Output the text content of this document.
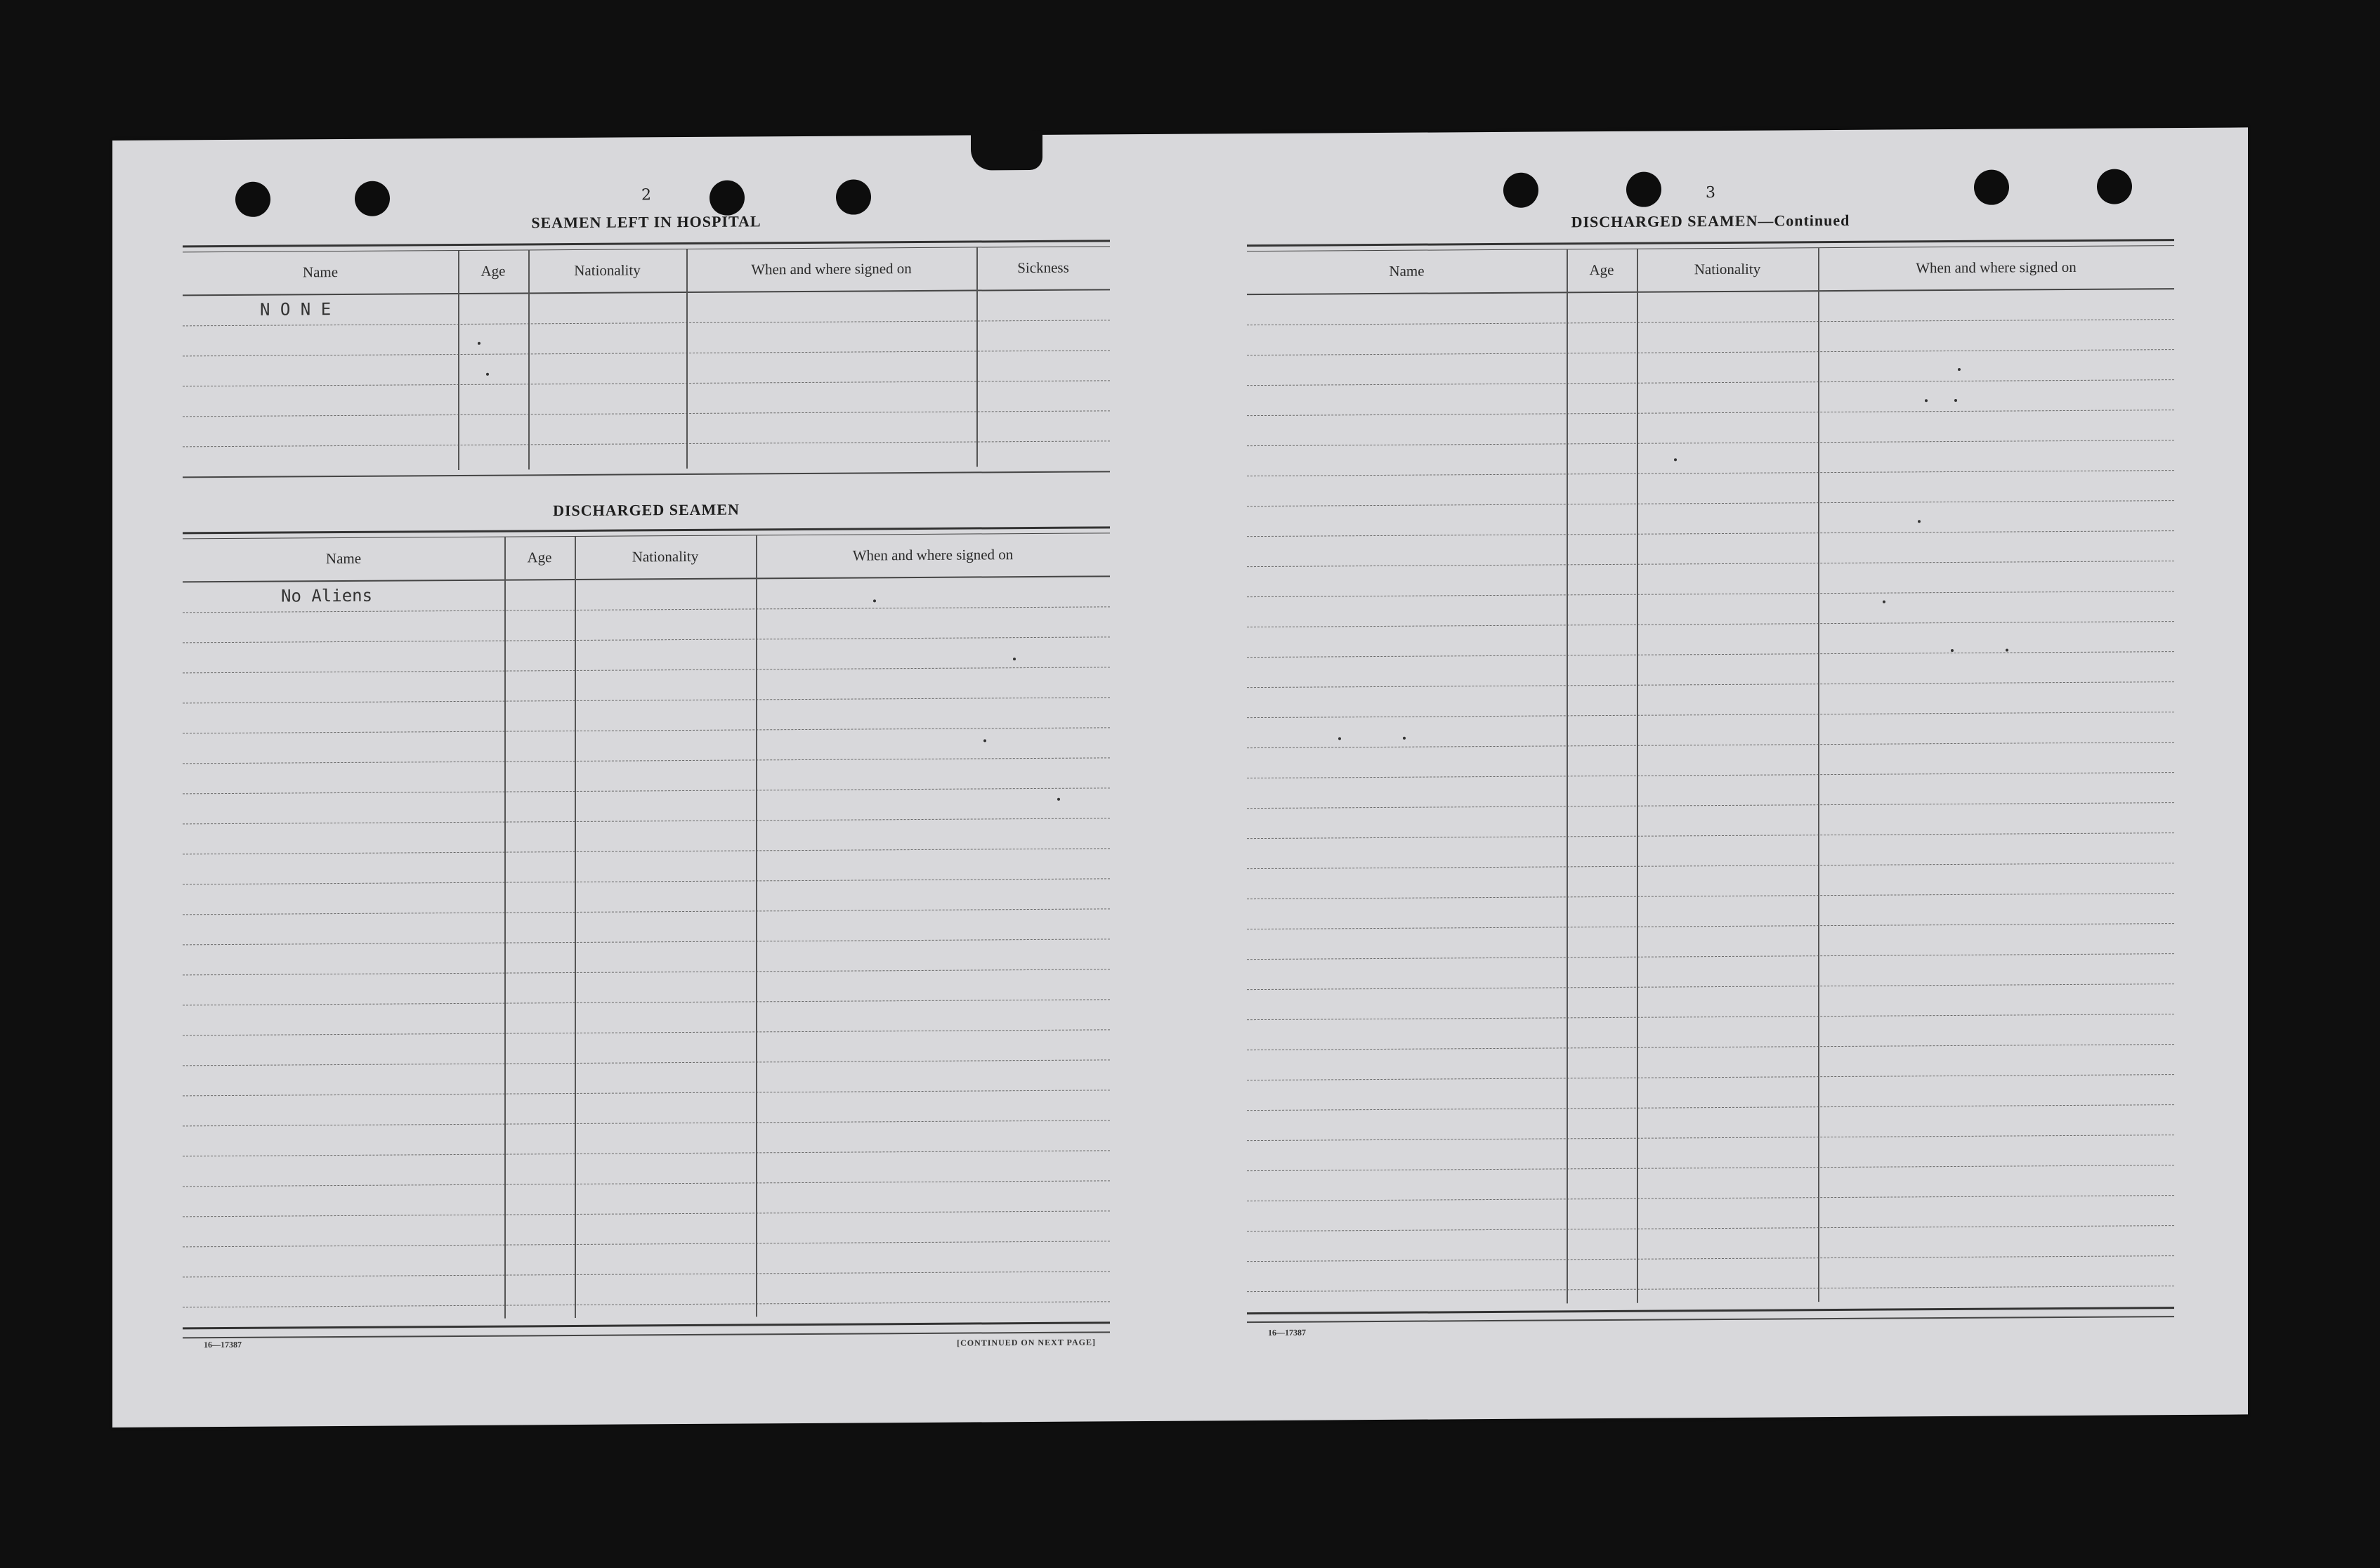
2
SEAMEN LEFT IN HOSPITAL
Name	Age	Nationality	When and where signed on	Sickness
N O N E
DISCHARGED SEAMEN
Name	Age	Nationality	When and where signed on
No Aliens
16—17387	[CONTINUED ON NEXT PAGE]
3
DISCHARGED SEAMEN—Continued
Name	Age	Nationality	When and where signed on
16—17387
